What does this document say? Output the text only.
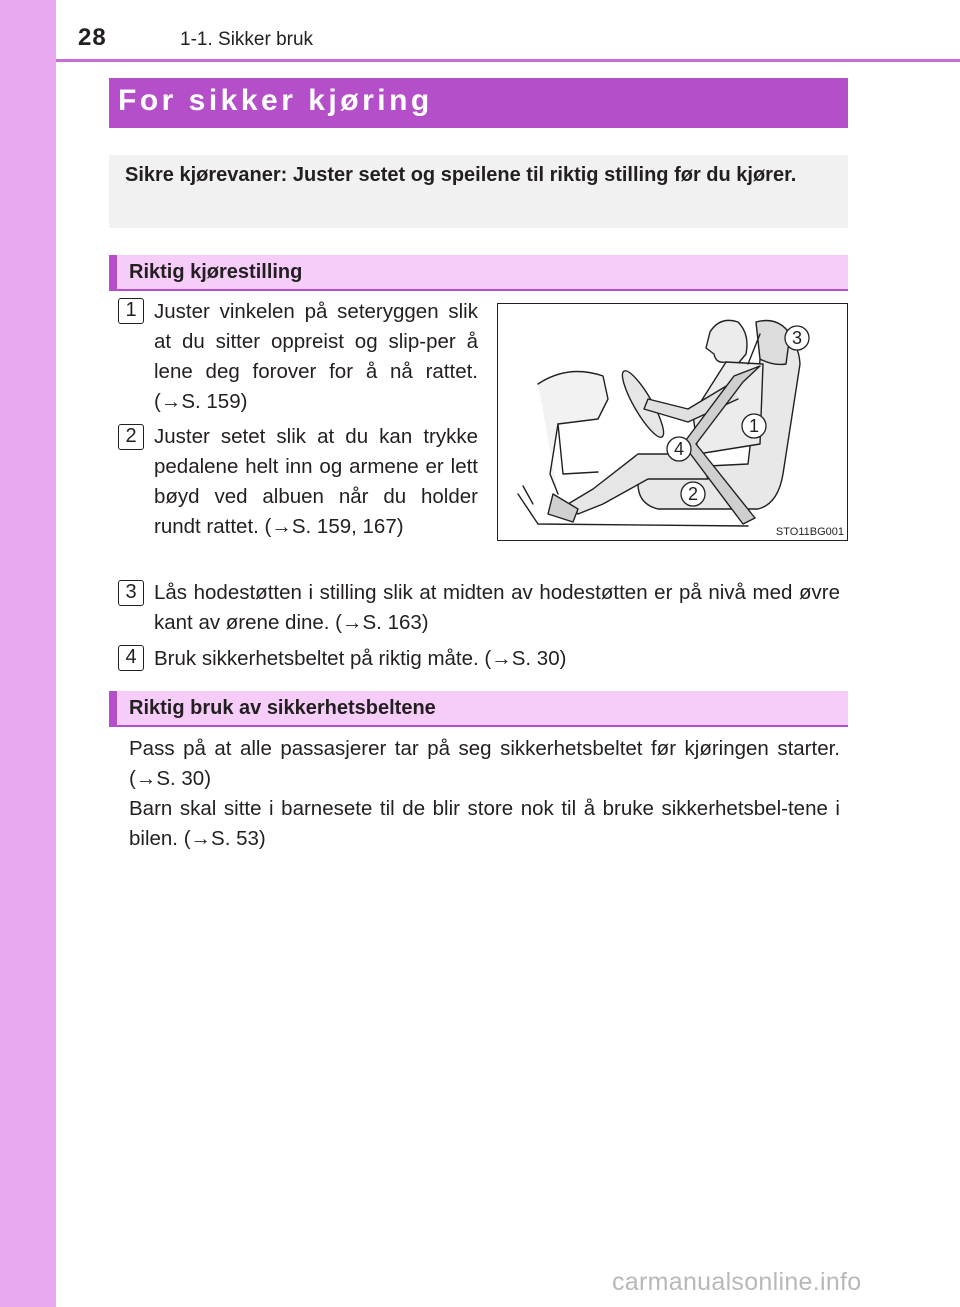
28	1-1. Sikker bruk
For sikker kjøring
Sikre kjørevaner: Juster setet og speilene til riktig stilling før du kjører.
Riktig kjørestilling
1 Juster vinkelen på seteryggen slik at du sitter oppreist og slip-per å lene deg forover for å nå rattet. (→S. 159)
2 Juster setet slik at du kan trykke pedalene helt inn og armene er lett bøyd ved albuen når du holder rundt rattet. (→S. 159, 167)
3
1
4
2
STO11BG001
3 Lås hodestøtten i stilling slik at midten av hodestøtten er på nivå med øvre kant av ørene dine. (→S. 163)
4 Bruk sikkerhetsbeltet på riktig måte. (→S. 30)
Riktig bruk av sikkerhetsbeltene
Pass på at alle passasjerer tar på seg sikkerhetsbeltet før kjøringen starter. (→S. 30)
Barn skal sitte i barnesete til de blir store nok til å bruke sikkerhetsbel-tene i bilen. (→S. 53)
carmanualsonline.info
